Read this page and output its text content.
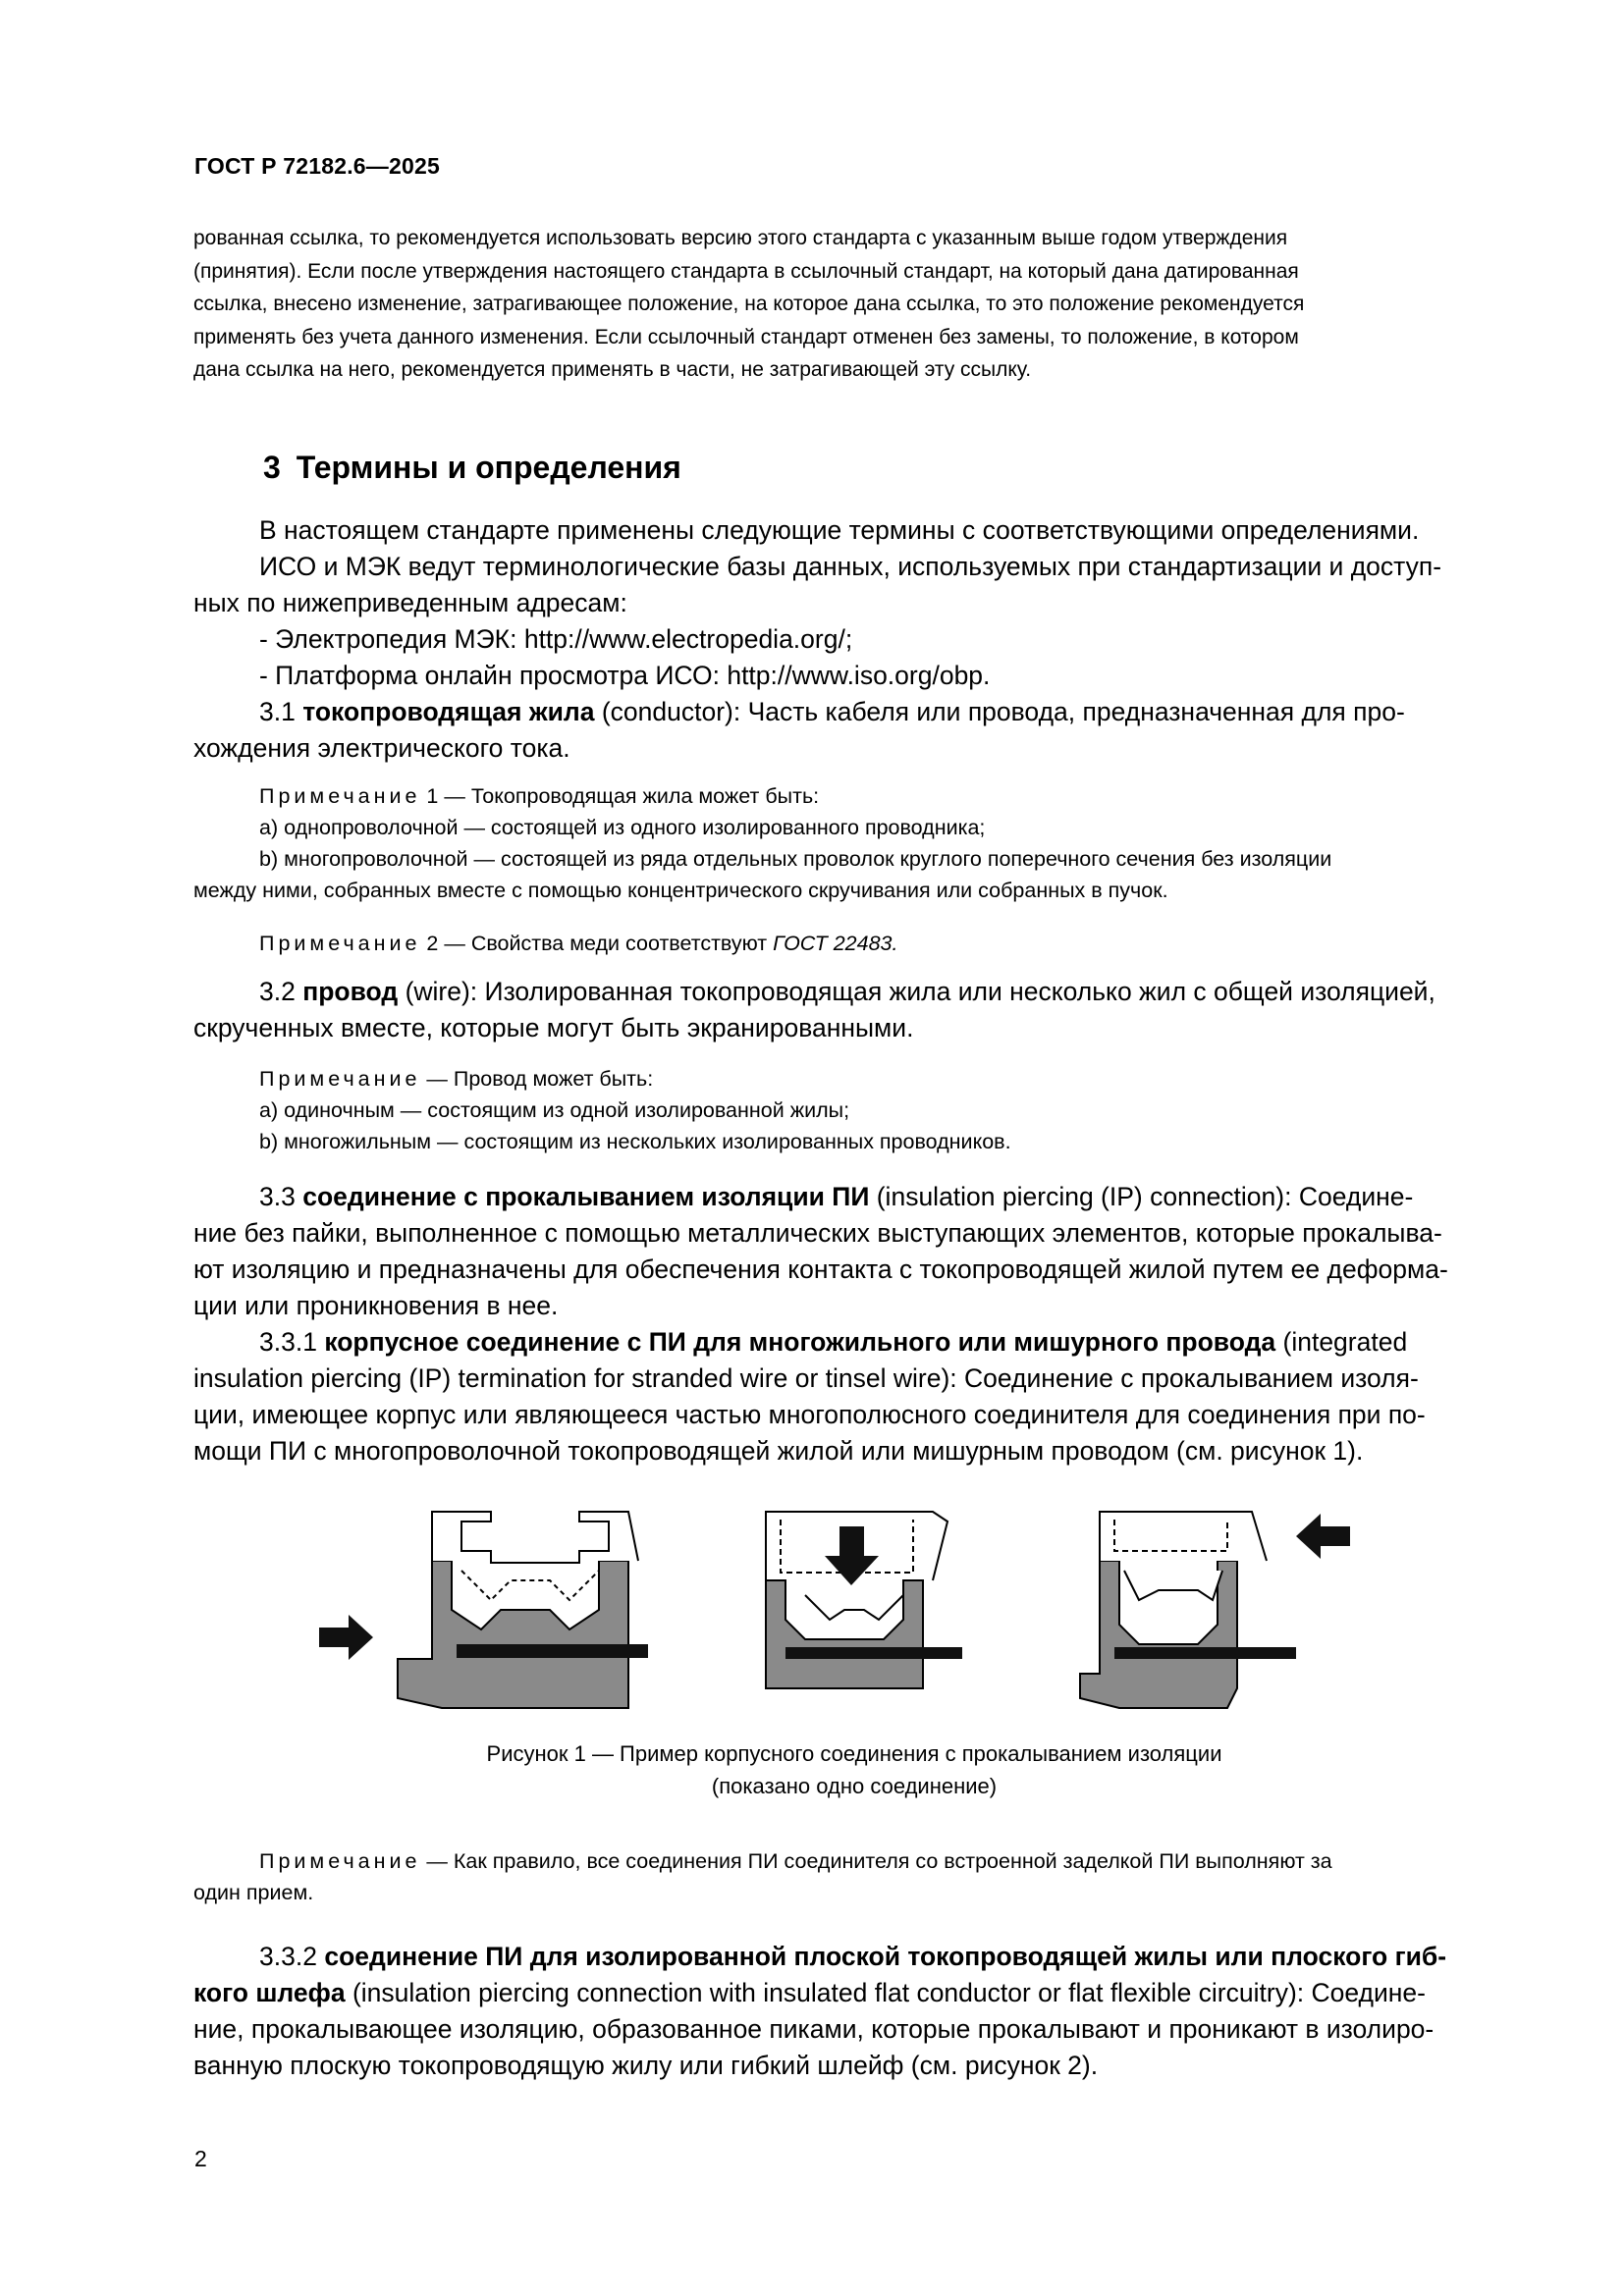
ГОСТ Р 72182.6—2025
рованная ссылка, то рекомендуется использовать версию этого стандарта с указанным выше годом утверждения
(принятия). Если после утверждения настоящего стандарта в ссылочный стандарт, на который дана датированная
ссылка, внесено изменение, затрагивающее положение, на которое дана ссылка, то это положение рекомендуется
применять без учета данного изменения. Если ссылочный стандарт отменен без замены, то положение, в котором
дана ссылка на него, рекомендуется применять в части, не затрагивающей эту ссылку.
3 Термины и определения
В настоящем стандарте применены следующие термины с соответствующими определениями.
ИСО и МЭК ведут терминологические базы данных, используемых при стандартизации и доступ-
ных по нижеприведенным адресам:
- Электропедия МЭК: http://www.electropedia.org/;
- Платформа онлайн просмотра ИСО: http://www.iso.org/obp.
3.1 токопроводящая жила (conductor): Часть кабеля или провода, предназначенная для про-
хождения электрического тока.
Примечание 1 — Токопроводящая жила может быть:
а) однопроволочной — состоящей из одного изолированного проводника;
b) многопроволочной — состоящей из ряда отдельных проволок круглого поперечного сечения без изоляции
между ними, собранных вместе с помощью концентрического скручивания или собранных в пучок.
Примечание 2 — Свойства меди соответствуют ГОСТ 22483.
3.2 провод (wire): Изолированная токопроводящая жила или несколько жил с общей изоляцией,
скрученных вместе, которые могут быть экранированными.
Примечание — Провод может быть:
а) одиночным — состоящим из одной изолированной жилы;
b) многожильным — состоящим из нескольких изолированных проводников.
3.3 соединение с прокалыванием изоляции ПИ (insulation piercing (IP) connection): Соедине-
ние без пайки, выполненное с помощью металлических выступающих элементов, которые прокалыва-
ют изоляцию и предназначены для обеспечения контакта с токопроводящей жилой путем ее деформа-
ции или проникновения в нее.
3.3.1 корпусное соединение с ПИ для многожильного или мишурного провода (integrated
insulation piercing (IP) termination for stranded wire or tinsel wire): Соединение с прокалыванием изоля-
ции, имеющее корпус или являющееся частью многополюсного соединителя для соединения при по-
мощи ПИ с многопроволочной токопроводящей жилой или мишурным проводом (см. рисунок 1).
Рисунок 1 — Пример корпусного соединения с прокалыванием изоляции
(показано одно соединение)
Примечание — Как правило, все соединения ПИ соединителя со встроенной заделкой ПИ выполняют за
один прием.
3.3.2 соединение ПИ для изолированной плоской токопроводящей жилы или плоского гиб-
кого шлефа (insulation piercing connection with insulated flat conductor or flat flexible circuitry): Соедине-
ние, прокалывающее изоляцию, образованное пиками, которые прокалывают и проникают в изолиро-
ванную плоскую токопроводящую жилу или гибкий шлейф (см. рисунок 2).
2
